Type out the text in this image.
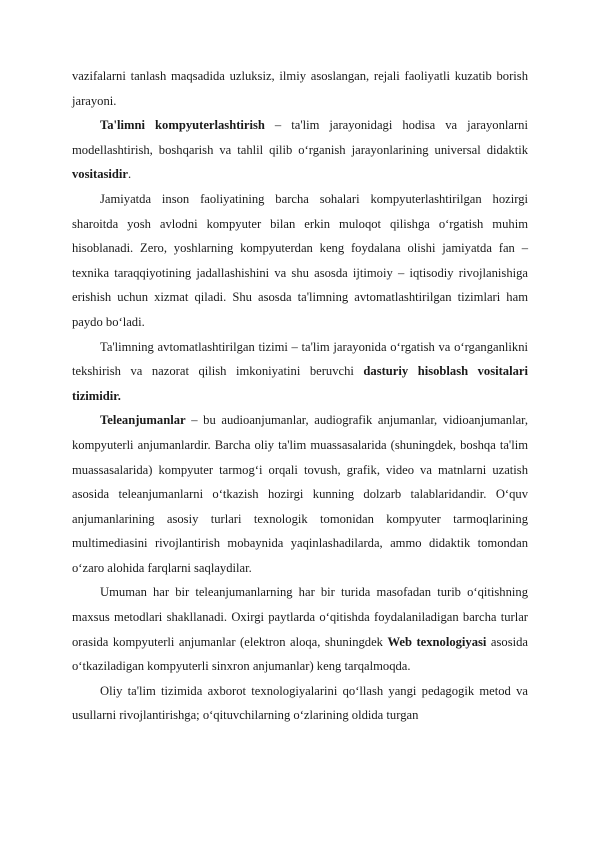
vazifalarni tanlash maqsadida uzluksiz, ilmiy asoslangan, rejali faoliyatli kuzatib borish jarayoni.

Ta'limni kompyuterlashtirish – ta'lim jarayonidagi hodisa va jarayonlarni modellashtirish, boshqarish va tahlil qilib o‘rganish jarayonlarining universal didaktik vositasidir.

Jamiyatda inson faoliyatining barcha sohalari kompyuterlashtirilgan hozirgi sharoitda yosh avlodni kompyuter bilan erkin muloqot qilishga o‘rgatish muhim hisoblanadi. Zero, yoshlarning kompyuterdan keng foydalana olishi jamiyatda fan – texnika taraqqiyotining jadallashishini va shu asosda ijtimoiy – iqtisodiy rivojlanishiga erishish uchun xizmat qiladi. Shu asosda ta'limning avtomatlashtirilgan tizimlari ham paydo bo‘ladi.

Ta'limning avtomatlashtirilgan tizimi – ta'lim jarayonida o‘rgatish va o‘rganganlikni tekshirish va nazorat qilish imkoniyatini beruvchi dasturiy hisoblash vositalari tizimidir.

Teleanjumanlar – bu audioanjumanlar, audiografik anjumanlar, vidioanjumanlar, kompyuterli anjumanlardir. Barcha oliy ta'lim muassasalarida (shuningdek, boshqa ta'lim muassasalarida) kompyuter tarmog‘i orqali tovush, grafik, video va matnlarni uzatish asosida teleanjumanlarni o‘tkazish hozirgi kunning dolzarb talablaridandir. O‘quv anjumanlarining asosiy turlari texnologik tomonidan kompyuter tarmoqlarining multimediasini rivojlantirish mobaynida yaqinlashadilarda, ammo didaktik tomondan o‘zaro alohida farqlarni saqlaydilar.

Umuman har bir teleanjumanlarning har bir turida masofadan turib o‘qitishning maxsus metodlari shakllanadi. Oxirgi paytlarda o‘qitishda foydalaniladigan barcha turlar orasida kompyuterli anjumanlar (elektron aloqa, shuningdek Web texnologiyasi asosida o‘tkaziladigan kompyuterli sinxron anjumanlar) keng tarqalmoqda.

Oliy ta'lim tizimida axborot texnologiyalarini qo‘llash yangi pedagogik metod va usullarni rivojlantirishga; o‘qituvchilarning o‘zlarining oldida turgan
